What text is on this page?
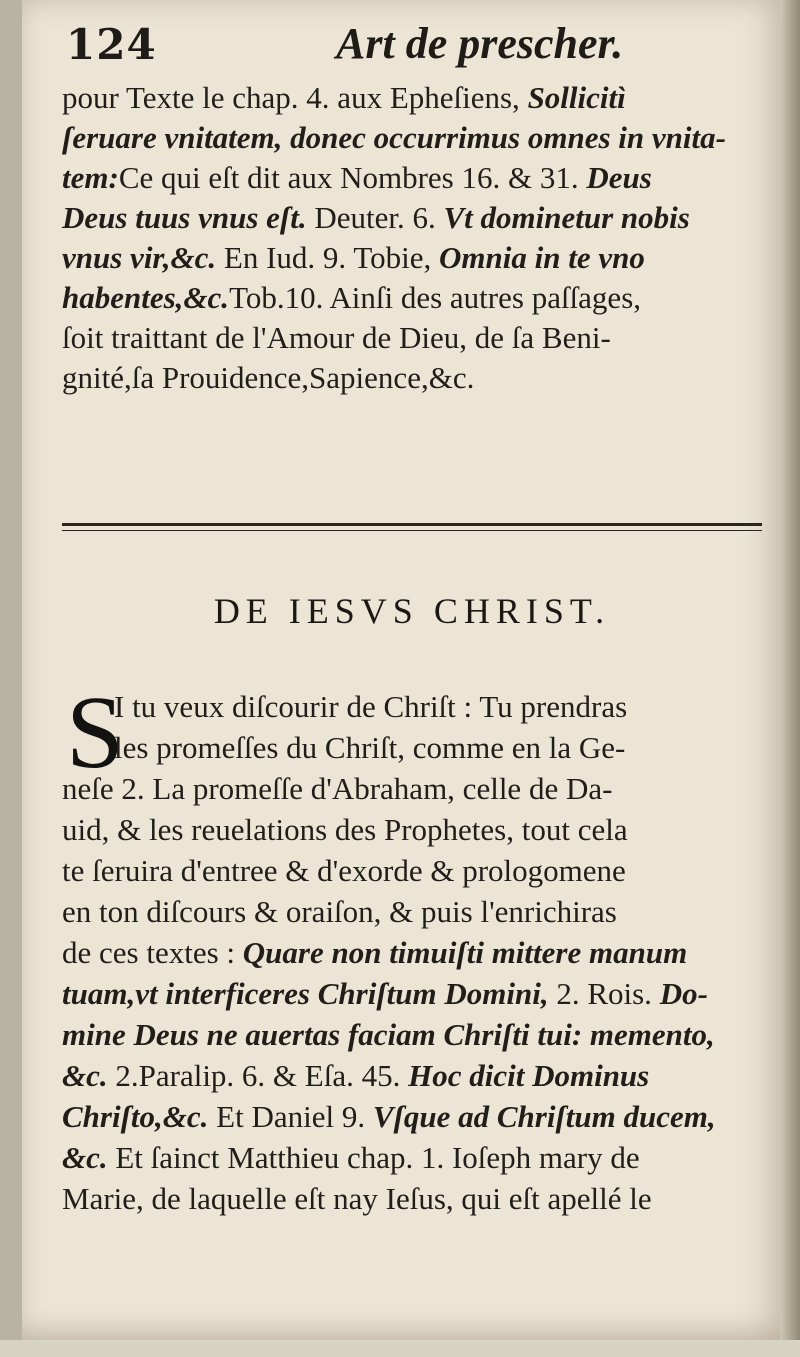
124	Art de prescher.
pour Texte le chap. 4. aux Epheſiens, Sollicitì
ſeruare vnitatem, donec occurrimus omnes in vnita-
tem:Ce qui eſt dit aux Nombres 16. & 31. Deus
Deus tuus vnus eſt. Deuter. 6. Vt dominetur nobis
vnus vir,&c. En Iud. 9. Tobie, Omnia in te vno
habentes,&c.Tob.10. Ainſi des autres paſſages,
ſoit traittant de l'Amour de Dieu, de ſa Beni-
gnité,ſa Prouidence,Sapience,&c.
DE IESVS CHRIST.
S
I tu veux diſcourir de Chriſt : Tu prendras
les promeſſes du Chriſt, comme en la Ge-
neſe 2. La promeſſe d'Abraham, celle de Da-
uid, & les reuelations des Prophetes, tout cela
te ſeruira d'entree & d'exorde & prologomene
en ton diſcours & oraiſon, & puis l'enrichiras
de ces textes : Quare non timuiſti mittere manum
tuam,vt interficeres Chriſtum Domini, 2. Rois. Do-
mine Deus ne auertas faciam Chriſti tui: memento,
&c. 2.Paralip. 6. & Eſa. 45. Hoc dicit Dominus
Chriſto,&c. Et Daniel 9. Vſque ad Chriſtum ducem,
&c. Et ſainct Matthieu chap. 1. Ioſeph mary de
Marie, de laquelle eſt nay Ieſus, qui eſt apellé le
